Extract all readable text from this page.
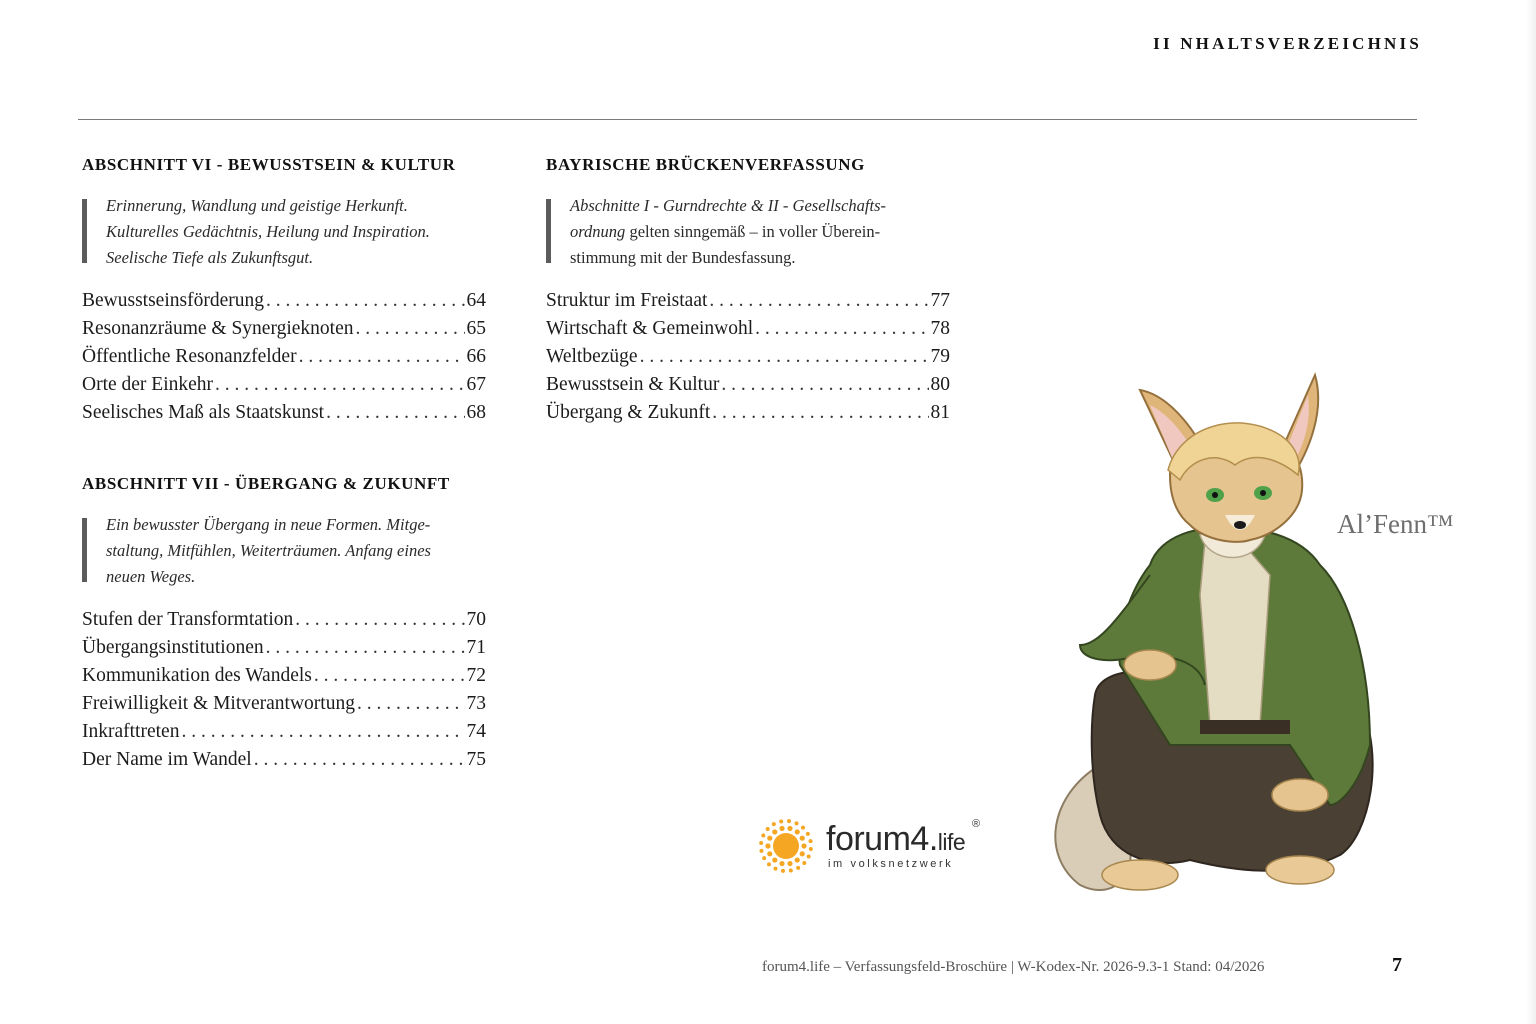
II NHALTSVERZEICHNIS
ABSCHNITT VI - BEWUSSTSEIN & KULTUR
Erinnerung, Wandlung und geistige Herkunft.
Kulturelles Gedächtnis, Heilung und Inspiration.
Seelische Tiefe als Zukunftsgut.
Bewusstseinsförderung . . .	64
Resonanzräume & Synergieknoten . . .	65
Öffentliche Resonanzfelder . . .	66
Orte der Einkehr . . .	67
Seelisches Maß als Staatskunst . . .	68
BAYRISCHE BRÜCKENVERFASSUNG
Abschnitte I - Gurndrechte & II - Gesellschafts-
ordnung gelten sinngemäß – in voller Überein-
stimmung mit der Bundesfassung.
Struktur im Freistaat . . .	77
Wirtschaft & Gemeinwohl . . .	78
Weltbezüge . . .	79
Bewusstsein & Kultur . . .	80
Übergang & Zukunft . . .	81
ABSCHNITT VII - ÜBERGANG & ZUKUNFT
Ein bewusster Übergang in neue Formen. Mitge-
staltung, Mitfühlen, Weiterträumen. Anfang eines
neuen Weges.
Stufen der Transformtation . . .	70
Übergangsinstitutionen . . .	71
Kommunikation des Wandels . . .	72
Freiwilligkeit & Mitverantwortung . . .	73
Inkrafttreten . . .	74
Der Name im Wandel . . .	75
forum4.life
®
im volksnetzwerk
Al’Fenn™
forum4.life – Verfassungsfeld-Broschüre | W-Kodex-Nr. 2026-9.3-1 Stand: 04/2026	7
